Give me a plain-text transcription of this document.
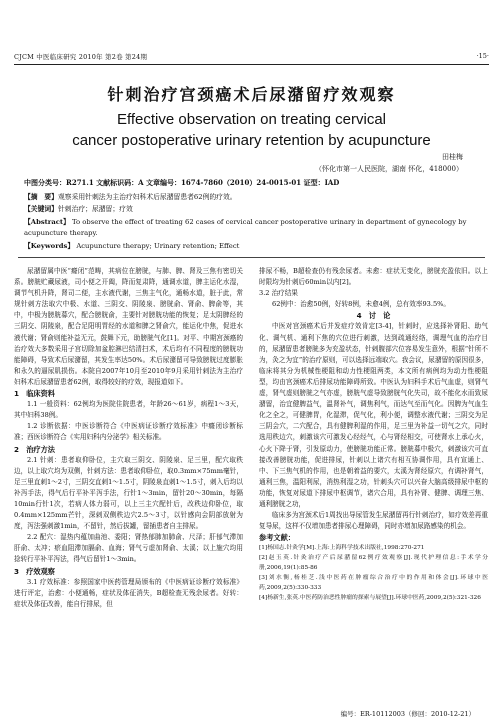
CJCM 中医临床研究 2010年 第2卷 第24期	·15·
针刺治疗宫颈癌术后尿潴留疗效观察
Effective observation on treating cervical
cancer postoperative urinary retention by acupuncture
田桂梅
（怀化市第一人民医院，湖南 怀化，418000）
中图分类号：R271.1 文献标识码：A 文章编号：1674-7860（2010）24-0015-01 证型：IAD
【摘　要】观察采用针刺法为主治疗妇科术后尿潴留患者62例的疗效。
【关键词】针刺治疗；尿潴留；疗效
【Abstract】 To observe the effect of treating 62 cases of cervical cancer postoperative urinary in department of gynecology by acupuncture therapy.
【Keywords】 Acupuncture therapy; Urinary retention; Effect

尿潴留属中医“癃闭”范畴，其病位在膀胱，与肺、脾、肾及三焦有密切关系。膀胱贮藏尿液，司小便之开阖，降而复肃降，通调水道，脾主运化水湿，调节气机升降，肾司二便，主水液代谢，三焦主气化，通畅水道，脏于此，常规针刺方法取穴中极、水道、三阴交、阴陵泉、膀胱俞、肾俞、脾俞等，其中，中极为膀胱募穴，配合膀胱俞，主要针对膀胱功能的恢复；足太阴脾经的三阴交、阴陵泉，配合足阳明胃经的水道和脾之肾俞穴，能运化中焦，促进水液代谢；肾俞则能补益无元，鼓舞下元，助膀胱气化[1]。对平、中期宫颈癌的治疗效大多数采用子宫切除加盆腔淋巴结清扫术，术后均有不同程度的膀胱功能障碍，导致术后尿潴留，其发生率达50%。术后尿潴留可导致膀胱过度膨胀和永久的逼尿肌损伤。本院自2007年10月至2010年9月采用针刺法为主治疗妇科术后尿潴留患者62例，取得较好的疗效，现报道如下。

1　临床资料

1.1 一般资料：62例均为医院住院患者，年龄26～61岁，病程1～3天，其中妇科38例。

1.2 诊断依据：中医诊断符合《中医病证诊断疗效标准》中癃闭诊断标准；西医诊断符合《实用妇科内分泌学》相关标准。

2　治疗方法

2.1 针刺：患者取仰卧位，主穴取三阴交、阴陵泉、足三里，配穴取秩边，以上取穴均为双侧，针刺方法：患者取仰卧位，取0.3mm×75mm毫针，足三里直刺1～2寸，三阴交直刺1～1.5寸，阴陵泉直刺1～1.5寸，刺入后均以补泻手法，得气后行平补平泻手法，行针1～3min，留针20～30min，每隔10min行针1次，若病人体力弱可，以上三主穴配针后，改秩边仰卧位，取0.4mm×125mm芒针，深刺双侧秩边穴2.5～3寸，以针感向会阴部放射为度，泻法强刺激1min，不留针，然后拔罐，留插患者自主排尿。

2.2 配穴：湿热内蕴加曲池、委阳；肾热郁肺加肺俞、尺泽；肝郁气滞加肝俞、太冲；瘀血阻滞加膈俞、血海；肾气亏虚加肾俞、太溪；以上施穴均用捻转行平补平泻法，得气后留针1～3min。

3　疗效观察

3.1 疗效标准：参照国家中医药管理局颁布的《中医病证诊断疗效标准》进行评定，治愈：小便通畅，症状及体征消失，B超检查无残余尿者。好转：症状及体征改善，能自行排尿，但

排尿不畅，B超检查仍有残余尿者。未愈：症状无变化，膀胱充盈依旧。以上时限均为针刺后60min以内[2]。

3.2 治疗结果

62例中：治愈50例，好转8例，未愈4例，总有效率93.5%。

4　讨　论

中医对宫颈癌术后并发症疗效肯定[3-4]，针刺时，应选择补肾阳、助气化、调气机、通利下焦的穴位进行刺激，达到疏通经络，调理气血的治疗目的，尿潴留患者膀胱多为充盈状态，针刺腹部穴位容易发生意外，根据“针所不为，灸之为宜”的治疗原则，可以选择远端取穴。我会议，尿潴留的原因很多，临床将其分为机械性梗阻和动力性梗阻两类，本文所有病例均为动力性梗阻型，均由宫颈癌术后排尿功能障碍所致。中医认为妇科手术后气血虚，则肾气虚，肾气虚则膀胱之气亦虚，膀胱气虚导致膀胱气化失司，故不能化水而致尿潴留，治宜健脾益气，温肾补气，调焦利气，而达气至而气化。因脾为气血生化之全之，可健脾胃，化湿滞，促气化，利小便，调整水液代谢；三阴交为足三阴会穴，二穴配合，具有健脾利湿的作用，足三里为补益一切气之穴，同时选用秩边穴，刺激该穴可激发心经经气，心与肾经相交，可使肾水上承心火，心火下降于肾，引发原动力，使膀胱功能正常。膀胱募中极穴，刺激该穴可直接改善膀胱功能，促进排尿，针刺以上诸穴有相互协调作用，具有宣通上、中、下三焦气机的作用，也是朝着益的要穴，太溪为肾经原穴，有调补肾气，通利三焦，温阳利尿，消热利湿之功，针刺头穴可以兴奋大脑高级排尿中枢的功能，恢复对尿道下排尿中枢调节，诸穴合用，具有补肾、健脾、调理三焦、通利膀胱之功，

临床多为宫颈术后1周找出导尿管发生尿潴留再行针刺治疗，如疗效差再重复导尿，这样不仅增加患者排尿心理障碍，同时亦增加尿路感染的机会。

参考文献：

[1]杨国志.针灸学[M].上海:上海科学技术出版社,1998:270-271

[2]赵玉英.针灸治疗产后尿潴留62例疗效观察[J].现代护理信息:手术学分册,2006,19(1):85-86

[3]刘水衡,杨桂芝.浅中医药在肿瘤综合治疗中的作用和体会[J].环球中医药,2009,2(5):330-333

[4]杨新生,张英.中医药防治恶性肿瘤的探索与展望[J].环球中医药,2009,2(5):321-326

编号：ER-10112003（修回：2010-12-21）
